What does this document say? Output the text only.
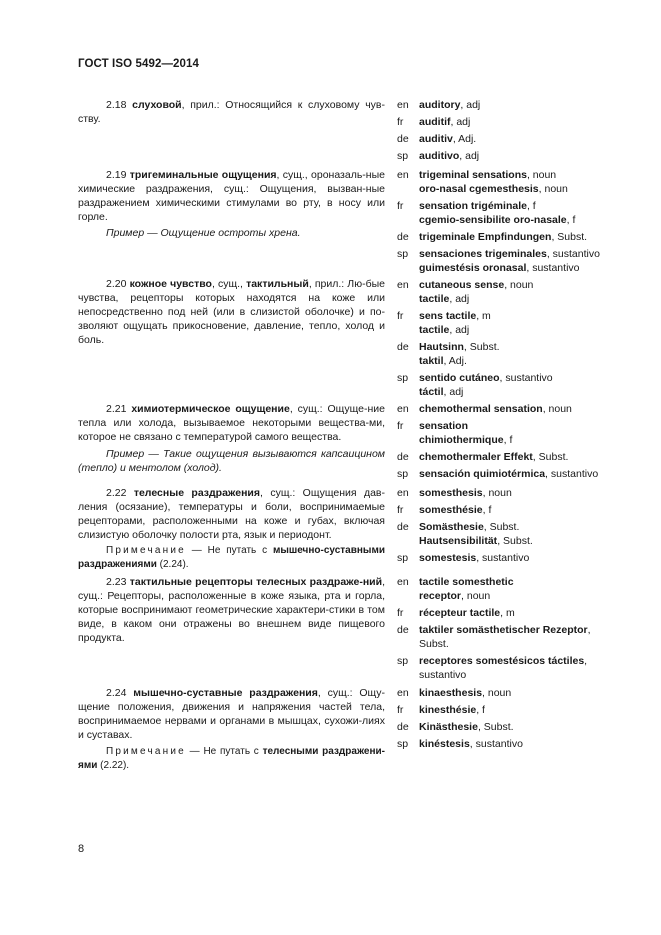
ГОСТ ISO 5492—2014
2.18 слуховой, прил.: Относящийся к слуховому чув-ству.
2.19 тригеминальные ощущения, сущ., ороназаль-ные химические раздражения, сущ.: Ощущения, вызван-ные раздражением химическими стимулами во рту, в носу или горле.
Пример — Ощущение остроты хрена.
2.20 кожное чувство, сущ., тактильный, прил.: Лю-бые чувства, рецепторы которых находятся на коже или непосредственно под ней (или в слизистой оболочке) и по-зволяют ощущать прикосновение, давление, тепло, холод и боль.
2.21 химиотермическое ощущение, сущ.: Ощуще-ние тепла или холода, вызываемое некоторыми вещества-ми, которое не связано с температурой самого вещества.
Пример — Такие ощущения вызываются капсаицином (тепло) и ментолом (холод).
2.22 телесные раздражения, сущ.: Ощущения дав-ления (осязание), температуры и боли, воспринимаемые рецепторами, расположенными на коже и губах, включая слизистую оболочку полости рта, язык и периодонт.
Примечание — Не путать с мышечно-суставными раздражениями (2.24).
2.23 тактильные рецепторы телесных раздраже-ний, сущ.: Рецепторы, расположенные в коже языка, рта и горла, которые воспринимают геометрические характери-стики в том виде, в каком они отражены во внешнем виде пищевого продукта.
2.24 мышечно-суставные раздражения, сущ.: Ощу-щение положения, движения и напряжения частей тела, воспринимаемое нервами и органами в мышцах, сухожи-лиях и суставах.
Примечание — Не путать с телесными раздражени-ями (2.22).
en auditory, adj
fr	auditif, adj
de auditiv, Adj.
sp	auditivo, adj
en trigeminal sensations, noun
oro-nasal cgemesthesis, noun
fr	sensation trigéminale, f
cgemio-sensibilite oro-nasale, f
de trigeminale Empfindungen, Subst.
sp	sensaciones trigeminales, sustantivo
guimestésis oronasal, sustantivo
en cutaneous sense, noun
tactile, adj
fr	sens tactile, m
tactile, adj
de Hautsinn, Subst.
taktil, Adj.
sp	sentido cutáneo, sustantivo
táctil, adj
en chemothermal sensation, noun
fr	sensation
chimiothermique, f
de chemothermaler Effekt, Subst.
sp	sensación quimiotérmica, sustantivo
en somesthesis, noun
fr	somesthésie, f
de Somästhesie, Subst.
Hautsensibilität, Subst.
sp	somestesis, sustantivo
en tactile somesthetic
receptor, noun
fr	récepteur tactile, m
de taktiler somästhetischer Rezeptor,
Subst.
sp	receptores somestésicos táctiles,
sustantivo
en kinaesthesis, noun
fr	kinesthésie, f
de Kinästhesie, Subst.
sp	kinéstesis, sustantivo
8
